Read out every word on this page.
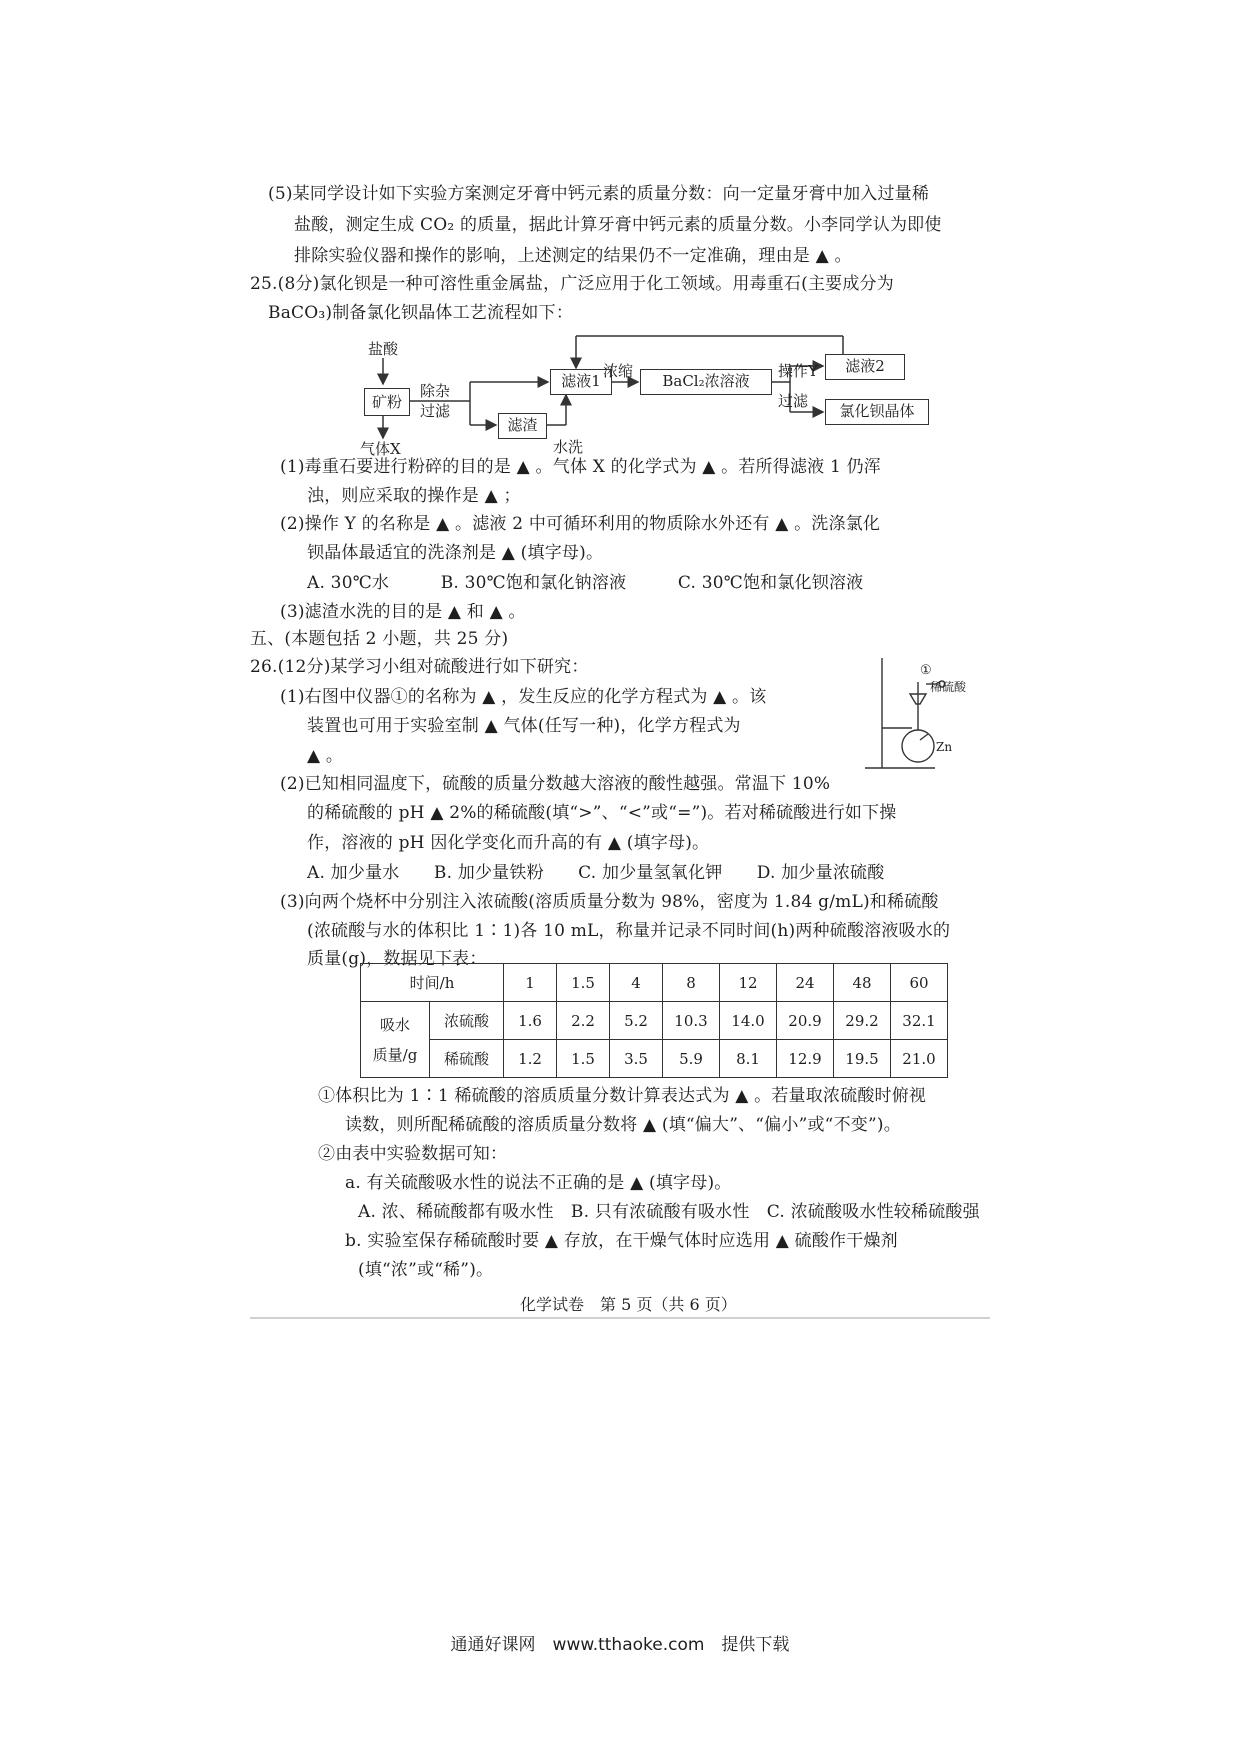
(5)某同学设计如下实验方案测定牙膏中钙元素的质量分数：向一定量牙膏中加入过量稀
盐酸，测定生成 CO₂ 的质量，据此计算牙膏中钙元素的质量分数。小李同学认为即使
排除实验仪器和操作的影响，上述测定的结果仍不一定准确，理由是 ▲ 。
25.(8分)氯化钡是一种可溶性重金属盐，广泛应用于化工领域。用毒重石(主要成分为
BaCO₃)制备氯化钡晶体工艺流程如下：
盐酸
矿粉
除杂
过滤
气体X
滤渣
水洗
滤液1
浓缩
BaCl₂浓溶液
操作Y
过滤
滤液2
氯化钡晶体
(1)毒重石要进行粉碎的目的是 ▲ 。气体 X 的化学式为 ▲ 。若所得滤液 1 仍浑
浊，则应采取的操作是 ▲ ；
(2)操作 Y 的名称是 ▲ 。滤液 2 中可循环利用的物质除水外还有 ▲ 。洗涤氯化
钡晶体最适宜的洗涤剂是 ▲ (填字母)。
A. 30℃水　　　B. 30℃饱和氯化钠溶液　　　C. 30℃饱和氯化钡溶液
(3)滤渣水洗的目的是 ▲ 和 ▲ 。
五、(本题包括 2 小题，共 25 分)
26.(12分)某学习小组对硫酸进行如下研究：
(1)右图中仪器①的名称为 ▲ ，发生反应的化学方程式为 ▲ 。该
装置也可用于实验室制 ▲ 气体(任写一种)，化学方程式为
▲ 。
(2)已知相同温度下，硫酸的质量分数越大溶液的酸性越强。常温下 10%
的稀硫酸的 pH ▲ 2%的稀硫酸(填“>”、“<”或“=”)。若对稀硫酸进行如下操
作，溶液的 pH 因化学变化而升高的有 ▲ (填字母)。
A. 加少量水　　B. 加少量铁粉　　C. 加少量氢氧化钾　　D. 加少量浓硫酸
(3)向两个烧杯中分别注入浓硫酸(溶质质量分数为 98%，密度为 1.84 g/mL)和稀硫酸
(浓硫酸与水的体积比 1∶1)各 10 mL，称量并记录不同时间(h)两种硫酸溶液吸水的
质量(g)，数据见下表：
①
稀硫酸
Zn
时间/h		1	1.5	4	8	12	24	48	60

吸水
质量/g	浓硫酸	1.6	2.2	5.2	10.3	14.0	20.9	29.2	32.1
	稀硫酸	1.2	1.5	3.5	5.9	8.1	12.9	19.5	21.0
①体积比为 1∶1 稀硫酸的溶质质量分数计算表达式为 ▲ 。若量取浓硫酸时俯视
读数，则所配稀硫酸的溶质质量分数将 ▲ (填“偏大”、“偏小”或“不变”)。
②由表中实验数据可知：
a. 有关硫酸吸水性的说法不正确的是 ▲ (填字母)。
A. 浓、稀硫酸都有吸水性　B. 只有浓硫酸有吸水性　C. 浓硫酸吸水性较稀硫酸强
b. 实验室保存稀硫酸时要 ▲ 存放，在干燥气体时应选用 ▲ 硫酸作干燥剂
(填“浓”或“稀”)。
化学试卷　第 5 页（共 6 页）
通通好课网　www.tthaoke.com　提供下载
